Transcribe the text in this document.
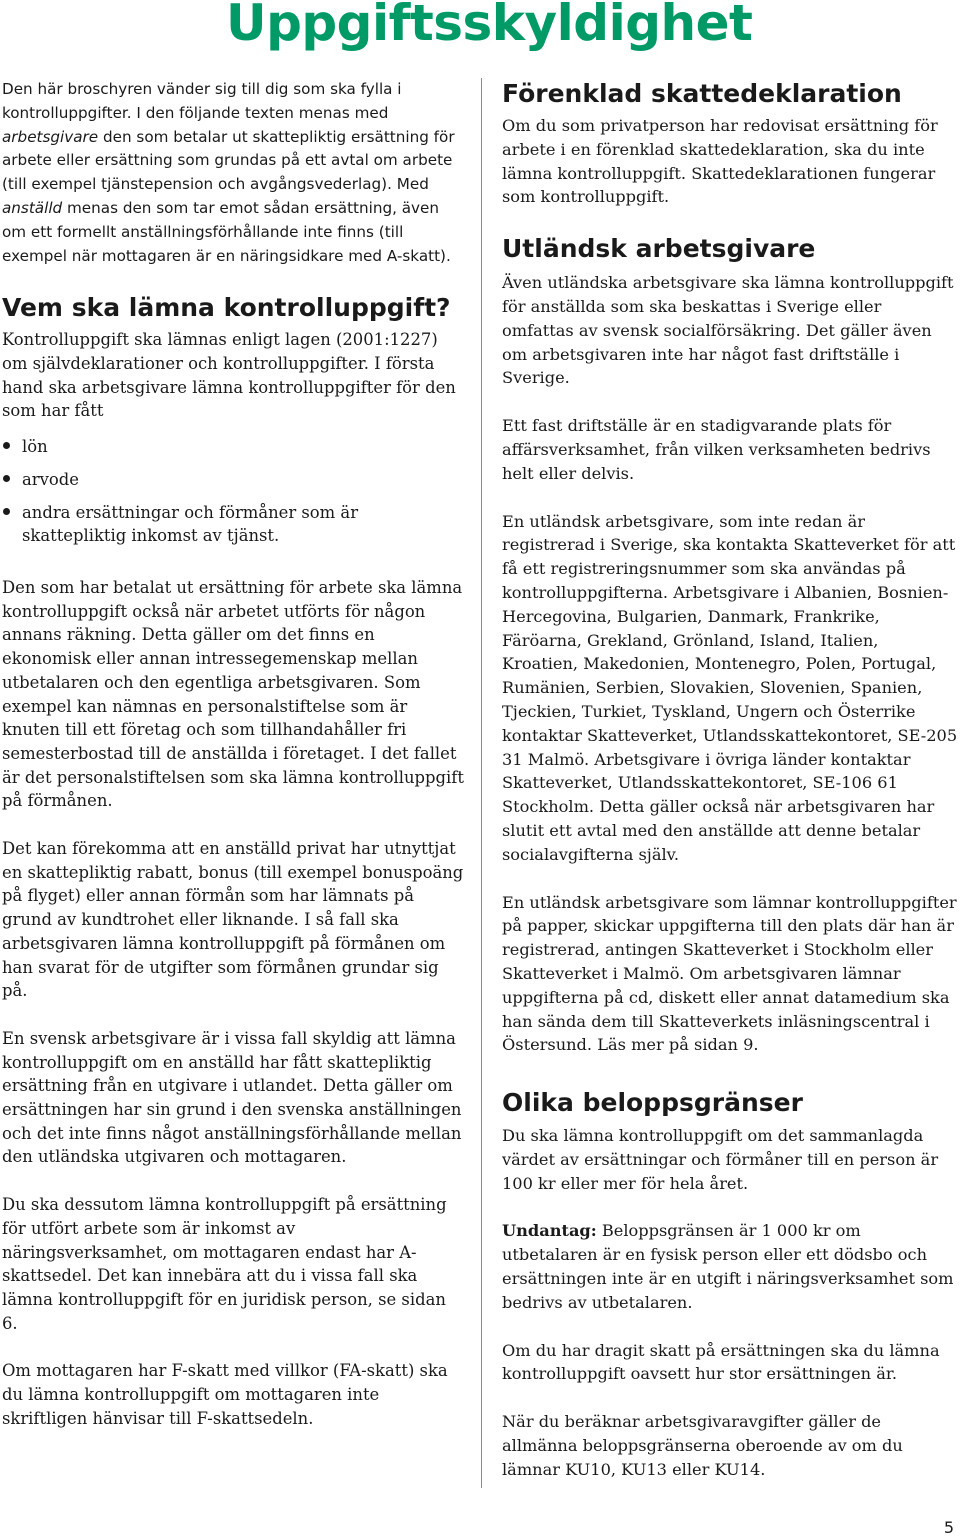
Uppgiftsskyldighet

Den här broschyren vänder sig till dig som ska fylla i kontrolluppgifter. I den följande texten menas med arbetsgivare den som betalar ut skattepliktig ersättning för arbete eller ersättning som grundas på ett avtal om arbete (till exempel tjänstepension och avgångsvederlag). Med anställd menas den som tar emot sådan ersättning, även om ett formellt anställningsförhållande inte finns (till exempel när mottagaren är en näringsidkare med A-skatt).

Vem ska lämna kontrolluppgift?

Kontrolluppgift ska lämnas enligt lagen (2001:1227) om självdeklarationer och kontrolluppgifter. I första hand ska arbetsgivare lämna kontrolluppgifter för den som har fått

lön
arvode
andra ersättningar och förmåner som är skattepliktig inkomst av tjänst.

Den som har betalat ut ersättning för arbete ska lämna kontrolluppgift också när arbetet utförts för någon annans räkning. Detta gäller om det finns en ekonomisk eller annan intressegemenskap mellan utbetalaren och den egentliga arbetsgivaren. Som exempel kan nämnas en personalstiftelse som är knuten till ett företag och som tillhandahåller fri semesterbostad till de anställda i företaget. I det fallet är det personalstiftelsen som ska lämna kontrolluppgift på förmånen.

Det kan förekomma att en anställd privat har utnyttjat en skattepliktig rabatt, bonus (till exempel bonuspoäng på flyget) eller annan förmån som har lämnats på grund av kundtrohet eller liknande. I så fall ska arbetsgivaren lämna kontrolluppgift på förmånen om han svarat för de utgifter som förmånen grundar sig på.

En svensk arbetsgivare är i vissa fall skyldig att lämna kontrolluppgift om en anställd har fått skattepliktig ersättning från en utgivare i utlandet. Detta gäller om ersättningen har sin grund i den svenska anställningen och det inte finns något anställningsförhållande mellan den utländska utgivaren och mottagaren.

Du ska dessutom lämna kontrolluppgift på ersättning för utfört arbete som är inkomst av näringsverksamhet, om mottagaren endast har A-skattsedel. Det kan innebära att du i vissa fall ska lämna kontrolluppgift för en juridisk person, se sidan 6.

Om mottagaren har F-skatt med villkor (FA-skatt) ska du lämna kontrolluppgift om mottagaren inte skriftligen hänvisar till F-skattsedeln.

Förenklad skattedeklaration

Om du som privatperson har redovisat ersättning för arbete i en förenklad skattedeklaration, ska du inte lämna kontrolluppgift. Skattedeklarationen fungerar som kontrolluppgift.

Utländsk arbetsgivare

Även utländska arbetsgivare ska lämna kontrolluppgift för anställda som ska beskattas i Sverige eller omfattas av svensk socialförsäkring. Det gäller även om arbetsgivaren inte har något fast driftställe i Sverige.

Ett fast driftställe är en stadigvarande plats för affärsverksamhet, från vilken verksamheten bedrivs helt eller delvis.

En utländsk arbetsgivare, som inte redan är registrerad i Sverige, ska kontakta Skatteverket för att få ett registreringsnummer som ska användas på kontrolluppgifterna. Arbetsgivare i Albanien, Bosnien-Hercegovina, Bulgarien, Danmark, Frankrike, Färöarna, Grekland, Grönland, Island, Italien, Kroatien, Makedonien, Montenegro, Polen, Portugal, Rumänien, Serbien, Slovakien, Slovenien, Spanien, Tjeckien, Turkiet, Tyskland, Ungern och Österrike kontaktar Skatteverket, Utlandsskattekontoret, SE-205 31 Malmö. Arbetsgivare i övriga länder kontaktar Skatteverket, Utlandsskattekontoret, SE-106 61 Stockholm. Detta gäller också när arbetsgivaren har slutit ett avtal med den anställde att denne betalar socialavgifterna själv.

En utländsk arbetsgivare som lämnar kontrolluppgifter på papper, skickar uppgifterna till den plats där han är registrerad, antingen Skatteverket i Stockholm eller Skatteverket i Malmö. Om arbetsgivaren lämnar uppgifterna på cd, diskett eller annat datamedium ska han sända dem till Skatteverkets inläsningscentral i Östersund. Läs mer på sidan 9.

Olika beloppsgränser

Du ska lämna kontrolluppgift om det sammanlagda värdet av ersättningar och förmåner till en person är 100 kr eller mer för hela året.

Undantag: Beloppsgränsen är 1 000 kr om utbetalaren är en fysisk person eller ett dödsbo och ersättningen inte är en utgift i näringsverksamhet som bedrivs av utbetalaren.

Om du har dragit skatt på ersättningen ska du lämna kontrolluppgift oavsett hur stor ersättningen är.

När du beräknar arbetsgivaravgifter gäller de allmänna beloppsgränserna oberoende av om du lämnar KU10, KU13 eller KU14.

5
